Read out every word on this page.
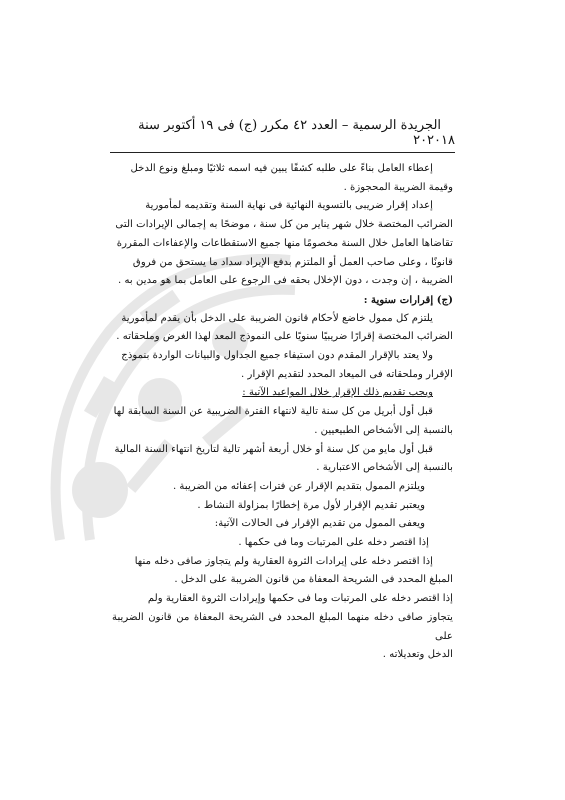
١٨
الجريدة الرسمية – العدد ٤٢ مكرر (ج) فى ١٩ أكتوبر سنة ٢٠٢٠

إعطاء العامل بناءً على طلبه كشفًا يبين فيه اسمه ثلاثيًا ومبلغ ونوع الدخل

وقيمة الضريبة المحجوزة .

إعداد إقرار ضريبى بالتسوية النهائية فى نهاية السنة وتقديمه لمأمورية

الضرائب المختصة خلال شهر يناير من كل سنة ، موضحًا به إجمالى الإيرادات التى

تقاضاها العامل خلال السنة مخصومًا منها جميع الاستقطاعات والإعفاءات المقررة

قانونًا ، وعلى صاحب العمل أو الملتزم بدفع الإيراد سداد ما يستحق من فروق

الضريبة ، إن وجدت ، دون الإخلال بحقه فى الرجوع على العامل بما هو مدين به .

(ج) إقرارات سنوية :

يلتزم كل ممول خاضع لأحكام قانون الضريبة على الدخل بأن يقدم لمأمورية

الضرائب المختصة إقرارًا ضريبيًا سنويًا على النموذج المعد لهذا الغرض وملحقاته .

ولا يعتد بالإقرار المقدم دون استيفاء جميع الجداول والبيانات الواردة بنموذج

الإقرار وملحقاته فى الميعاد المحدد لتقديم الإقرار .

ويجب تقديم ذلك الإقرار خلال المواعيد الآتية :

قبل أول أبريل من كل سنة تالية لانتهاء الفترة الضريبية عن السنة السابقة لها

بالنسبة إلى الأشخاص الطبيعيين .

قبل أول مايو من كل سنة أو خلال أربعة أشهر تالية لتاريخ انتهاء السنة المالية

بالنسبة إلى الأشخاص الاعتبارية .

ويلتزم الممول بتقديم الإقرار عن فترات إعفائه من الضريبة .

ويعتبر تقديم الإقرار لأول مرة إخطارًا بمزاولة النشاط .

ويعفى الممول من تقديم الإقرار فى الحالات الآتية:

إذا اقتصر دخله على المرتبات وما فى حكمها .

إذا اقتصر دخله على إيرادات الثروة العقارية ولم يتجاوز صافى دخله منها

المبلغ المحدد فى الشريحة المعفاة من قانون الضريبة على الدخل .

إذا اقتصر دخله على المرتبات وما فى حكمها وإيرادات الثروة العقارية ولم

يتجاوز صافى دخله منهما المبلغ المحدد فى الشريحة المعفاة من قانون الضريبة على

الدخل وتعديلاته .
